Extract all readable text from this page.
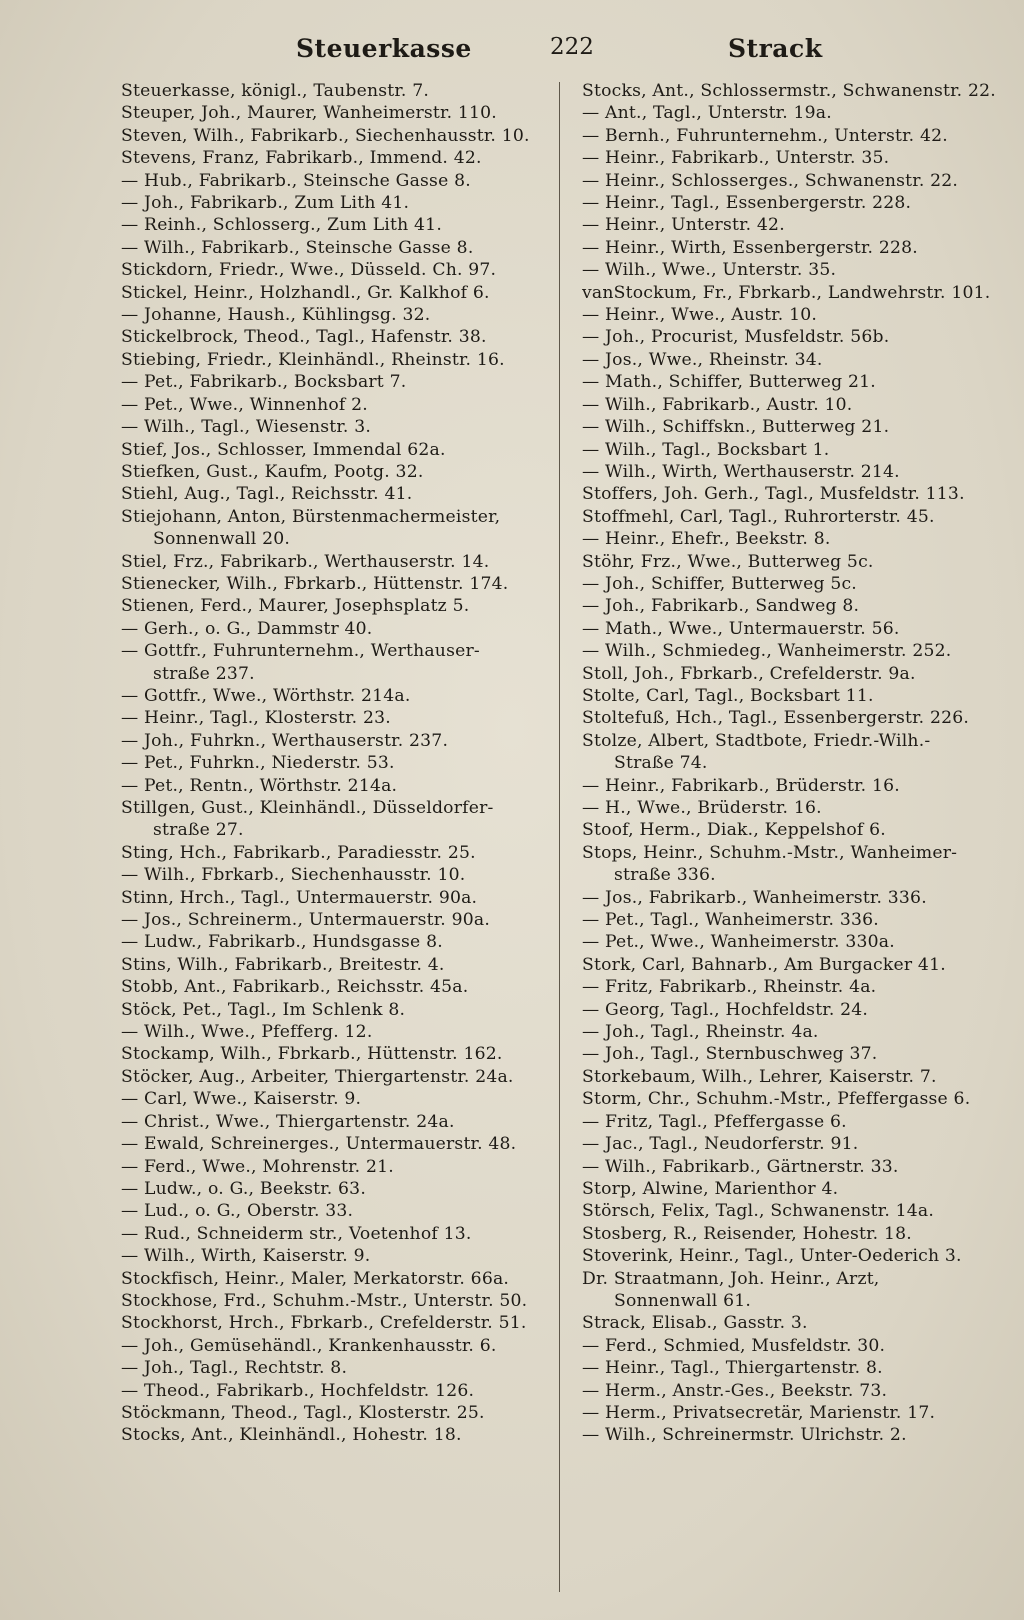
Steuerkasse	222	Strack
Steuerkasse, königl., Taubenstr. 7.
Steuper, Joh., Maurer, Wanheimerstr. 110.
Steven, Wilh., Fabrikarb., Siechenhausstr. 10.
Stevens, Franz, Fabrikarb., Immend. 42.
— Hub., Fabrikarb., Steinsche Gasse 8.
— Joh., Fabrikarb., Zum Lith 41.
— Reinh., Schlosserg., Zum Lith 41.
— Wilh., Fabrikarb., Steinsche Gasse 8.
Stickdorn, Friedr., Wwe., Düsseld. Ch. 97.
Stickel, Heinr., Holzhandl., Gr. Kalkhof 6.
— Johanne, Haush., Kühlingsg. 32.
Stickelbrock, Theod., Tagl., Hafenstr. 38.
Stiebing, Friedr., Kleinhändl., Rheinstr. 16.
— Pet., Fabrikarb., Bocksbart 7.
— Pet., Wwe., Winnenhof 2.
— Wilh., Tagl., Wiesenstr. 3.
Stief, Jos., Schlosser, Immendal 62a.
Stiefken, Gust., Kaufm, Pootg. 32.
Stiehl, Aug., Tagl., Reichsstr. 41.
Stiejohann, Anton, Bürstenmachermeister,
Sonnenwall 20.
Stiel, Frz., Fabrikarb., Werthauserstr. 14.
Stienecker, Wilh., Fbrkarb., Hüttenstr. 174.
Stienen, Ferd., Maurer, Josephsplatz 5.
— Gerh., o. G., Dammstr 40.
— Gottfr., Fuhrunternehm., Werthauser-
straße 237.
— Gottfr., Wwe., Wörthstr. 214a.
— Heinr., Tagl., Klosterstr. 23.
— Joh., Fuhrkn., Werthauserstr. 237.
— Pet., Fuhrkn., Niederstr. 53.
— Pet., Rentn., Wörthstr. 214a.
Stillgen, Gust., Kleinhändl., Düsseldorfer-
straße 27.
Sting, Hch., Fabrikarb., Paradiesstr. 25.
— Wilh., Fbrkarb., Siechenhausstr. 10.
Stinn, Hrch., Tagl., Untermauerstr. 90a.
— Jos., Schreinerm., Untermauerstr. 90a.
— Ludw., Fabrikarb., Hundsgasse 8.
Stins, Wilh., Fabrikarb., Breitestr. 4.
Stobb, Ant., Fabrikarb., Reichsstr. 45a.
Stöck, Pet., Tagl., Im Schlenk 8.
— Wilh., Wwe., Pfefferg. 12.
Stockamp, Wilh., Fbrkarb., Hüttenstr. 162.
Stöcker, Aug., Arbeiter, Thiergartenstr. 24a.
— Carl, Wwe., Kaiserstr. 9.
— Christ., Wwe., Thiergartenstr. 24a.
— Ewald, Schreinerges., Untermauerstr. 48.
— Ferd., Wwe., Mohrenstr. 21.
— Ludw., o. G., Beekstr. 63.
— Lud., o. G., Oberstr. 33.
— Rud., Schneiderm str., Voetenhof 13.
— Wilh., Wirth, Kaiserstr. 9.
Stockfisch, Heinr., Maler, Merkatorstr. 66a.
Stockhose, Frd., Schuhm.-Mstr., Unterstr. 50.
Stockhorst, Hrch., Fbrkarb., Crefelderstr. 51.
— Joh., Gemüsehändl., Krankenhausstr. 6.
— Joh., Tagl., Rechtstr. 8.
— Theod., Fabrikarb., Hochfeldstr. 126.
Stöckmann, Theod., Tagl., Klosterstr. 25.
Stocks, Ant., Kleinhändl., Hohestr. 18.
Stocks, Ant., Schlossermstr., Schwanenstr. 22.
— Ant., Tagl., Unterstr. 19a.
— Bernh., Fuhrunternehm., Unterstr. 42.
— Heinr., Fabrikarb., Unterstr. 35.
— Heinr., Schlosserges., Schwanenstr. 22.
— Heinr., Tagl., Essenbergerstr. 228.
— Heinr., Unterstr. 42.
— Heinr., Wirth, Essenbergerstr. 228.
— Wilh., Wwe., Unterstr. 35.
vanStockum, Fr., Fbrkarb., Landwehrstr. 101.
— Heinr., Wwe., Austr. 10.
— Joh., Procurist, Musfeldstr. 56b.
— Jos., Wwe., Rheinstr. 34.
— Math., Schiffer, Butterweg 21.
— Wilh., Fabrikarb., Austr. 10.
— Wilh., Schiffskn., Butterweg 21.
— Wilh., Tagl., Bocksbart 1.
— Wilh., Wirth, Werthauserstr. 214.
Stoffers, Joh. Gerh., Tagl., Musfeldstr. 113.
Stoffmehl, Carl, Tagl., Ruhrorterstr. 45.
— Heinr., Ehefr., Beekstr. 8.
Stöhr, Frz., Wwe., Butterweg 5c.
— Joh., Schiffer, Butterweg 5c.
— Joh., Fabrikarb., Sandweg 8.
— Math., Wwe., Untermauerstr. 56.
— Wilh., Schmiedeg., Wanheimerstr. 252.
Stoll, Joh., Fbrkarb., Crefelderstr. 9a.
Stolte, Carl, Tagl., Bocksbart 11.
Stoltefuß, Hch., Tagl., Essenbergerstr. 226.
Stolze, Albert, Stadtbote, Friedr.-Wilh.-
Straße 74.
— Heinr., Fabrikarb., Brüderstr. 16.
— H., Wwe., Brüderstr. 16.
Stoof, Herm., Diak., Keppelshof 6.
Stops, Heinr., Schuhm.-Mstr., Wanheimer-
straße 336.
— Jos., Fabrikarb., Wanheimerstr. 336.
— Pet., Tagl., Wanheimerstr. 336.
— Pet., Wwe., Wanheimerstr. 330a.
Stork, Carl, Bahnarb., Am Burgacker 41.
— Fritz, Fabrikarb., Rheinstr. 4a.
— Georg, Tagl., Hochfeldstr. 24.
— Joh., Tagl., Rheinstr. 4a.
— Joh., Tagl., Sternbuschweg 37.
Storkebaum, Wilh., Lehrer, Kaiserstr. 7.
Storm, Chr., Schuhm.-Mstr., Pfeffergasse 6.
— Fritz, Tagl., Pfeffergasse 6.
— Jac., Tagl., Neudorferstr. 91.
— Wilh., Fabrikarb., Gärtnerstr. 33.
Storp, Alwine, Marienthor 4.
Störsch, Felix, Tagl., Schwanenstr. 14a.
Stosberg, R., Reisender, Hohestr. 18.
Stoverink, Heinr., Tagl., Unter-Oederich 3.
Dr. Straatmann, Joh. Heinr., Arzt,
Sonnenwall 61.
Strack, Elisab., Gasstr. 3.
— Ferd., Schmied, Musfeldstr. 30.
— Heinr., Tagl., Thiergartenstr. 8.
— Herm., Anstr.-Ges., Beekstr. 73.
— Herm., Privatsecretär, Marienstr. 17.
— Wilh., Schreinermstr. Ulrichstr. 2.
